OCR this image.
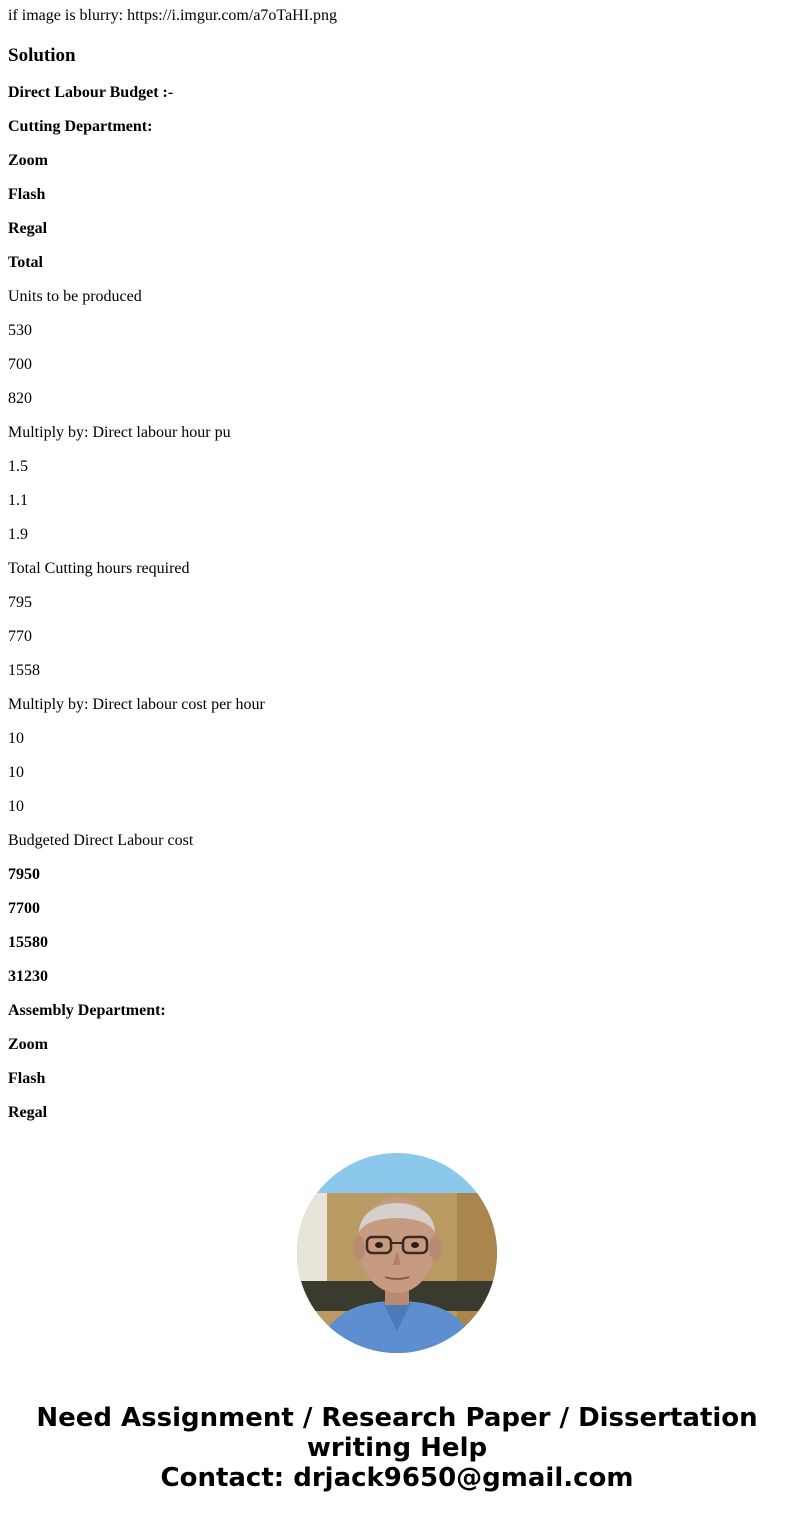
if image is blurry: https://i.imgur.com/a7oTaHI.png

Solution
Direct Labour Budget :-
Cutting Department:
Zoom
Flash
Regal
Total
Units to be produced
530
700
820
Multiply by: Direct labour hour pu
1.5
1.1
1.9
Total Cutting hours required
795
770
1558
Multiply by: Direct labour cost per hour
10
10
10
Budgeted Direct Labour cost
7950
7700
15580
31230
Assembly Department:
Zoom
Flash
Regal
Need Assignment / Research Paper / Dissertation
writing Help
Contact: drjack9650@gmail.com
